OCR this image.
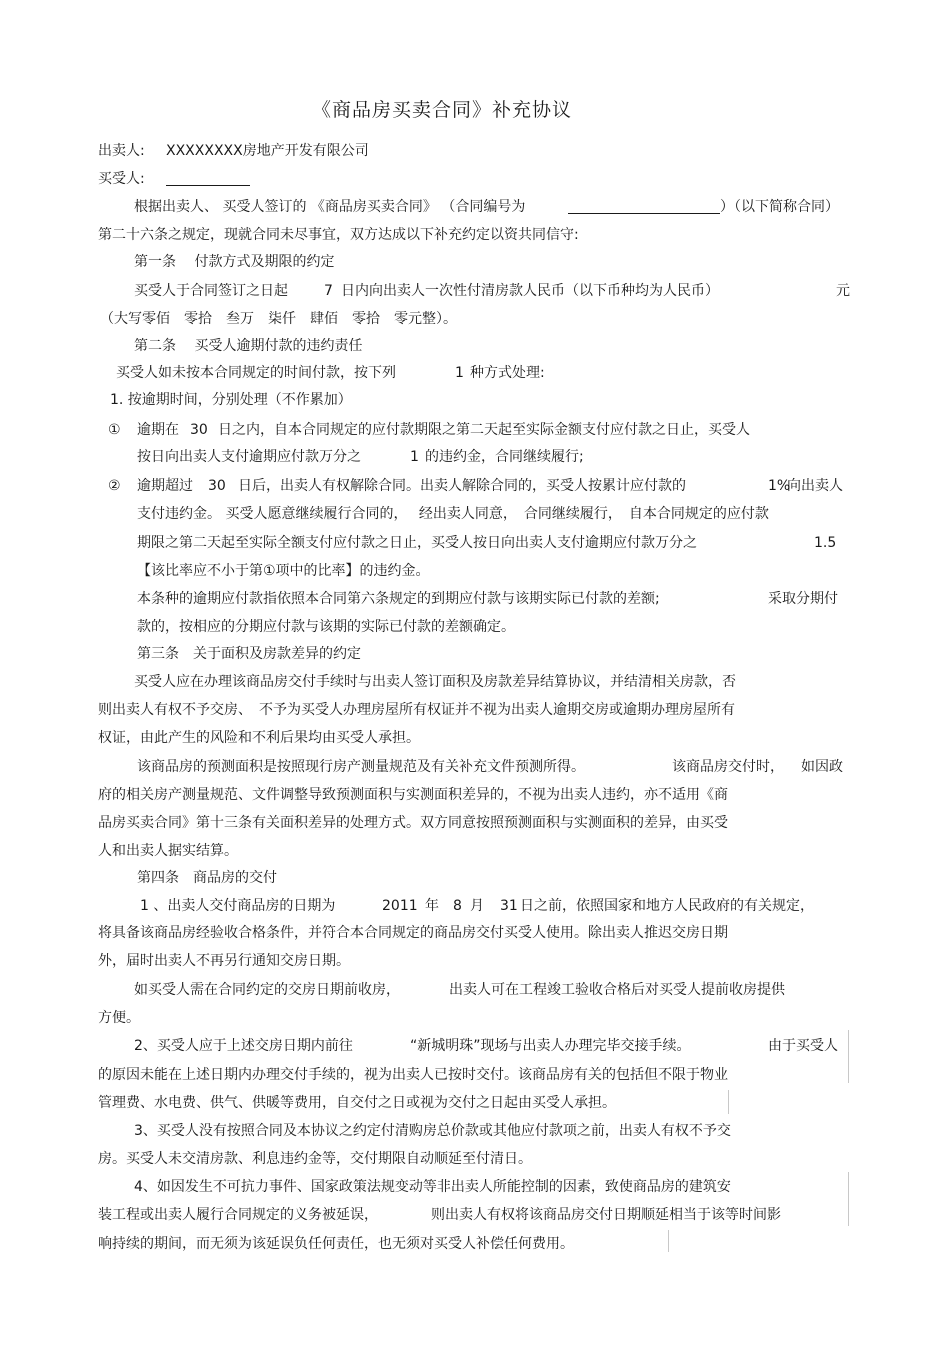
《商品房买卖合同》补充协议
出卖人: XXXXXXXX房地产开发有限公司
买受人:
根据出卖人、 买受人签订的 《商品房买卖合同》 （合同编号为	）（以下简称合同）
第二十六条之规定，现就合同未尽事宜，双方达成以下补充约定以资共同信守:
第一条　 付款方式及期限的约定
买受人于合同签订之日起	7 日内向出卖人一次性付清房款人民币（以下币种均为人民币）	元
（大写零佰　零拾　叁万　柒仟　肆佰　零拾　零元整）。
第二条　 买受人逾期付款的违约责任
买受人如未按本合同规定的时间付款，按下列	1 种方式处理:
1. 按逾期时间，分别处理（不作累加）
① 逾期在 30 日之内，自本合同规定的应付款期限之第二天起至实际金额支付应付款之日止，买受人
按日向出卖人支付逾期应付款万分之	1 的违约金，合同继续履行;
② 逾期超过 30 日后，出卖人有权解除合同。出卖人解除合同的，买受人按累计应付款的	1%
向出卖人
支付违约金。 买受人愿意继续履行合同的，　 经出卖人同意，　合同继续履行，　自本合同规定的应付款
期限之第二天起至实际全额支付应付款之日止，买受人按日向出卖人支付逾期应付款万分之	1.5
【该比率应不小于第①项中的比率】的违约金。
本条种的逾期应付款指依照本合同第六条规定的到期应付款与该期实际已付款的差额;	采取分期付
款的，按相应的分期应付款与该期的实际已付款的差额确定。
第三条　关于面积及房款差异的约定
买受人应在办理该商品房交付手续时与出卖人签订面积及房款差异结算协议，并结清相关房款，否
则出卖人有权不予交房、　不予为买受人办理房屋所有权证并不视为出卖人逾期交房或逾期办理房屋所有
权证，由此产生的风险和不利后果均由买受人承担。
该商品房的预测面积是按照现行房产测量规范及有关补充文件预测所得。	该商品房交付时， 如因政
府的相关房产测量规范、文件调整导致预测面积与实测面积差异的，不视为出卖人违约，亦不适用《商
品房买卖合同》第十三条有关面积差异的处理方式。双方同意按照预测面积与实测面积的差异，由买受
人和出卖人据实结算。
第四条　商品房的交付
1 、出卖人交付商品房的日期为	2011 年 8 月 31 日之前，依照国家和地方人民政府的有关规定，
将具备该商品房经验收合格条件，并符合本合同规定的商品房交付买受人使用。除出卖人推迟交房日期
外，届时出卖人不再另行通知交房日期。
如买受人需在合同约定的交房日期前收房，	出卖人可在工程竣工验收合格后对买受人提前收房提供
方便。
2、买受人应于上述交房日期内前往	“新城明珠”现场与出卖人办理完毕交接手续。	由于买受人
的原因未能在上述日期内办理交付手续的，视为出卖人已按时交付。该商品房有关的包括但不限于物业
管理费、水电费、供气、供暖等费用，自交付之日或视为交付之日起由买受人承担。
3、买受人没有按照合同及本协议之约定付清购房总价款或其他应付款项之前，出卖人有权不予交
房。买受人未交清房款、利息违约金等，交付期限自动顺延至付清日。
4、如因发生不可抗力事件、国家政策法规变动等非出卖人所能控制的因素，致使商品房的建筑安
装工程或出卖人履行合同规定的义务被延误，	则出卖人有权将该商品房交付日期顺延相当于该等时间影
响持续的期间，而无须为该延误负任何责任，也无须对买受人补偿任何费用。
